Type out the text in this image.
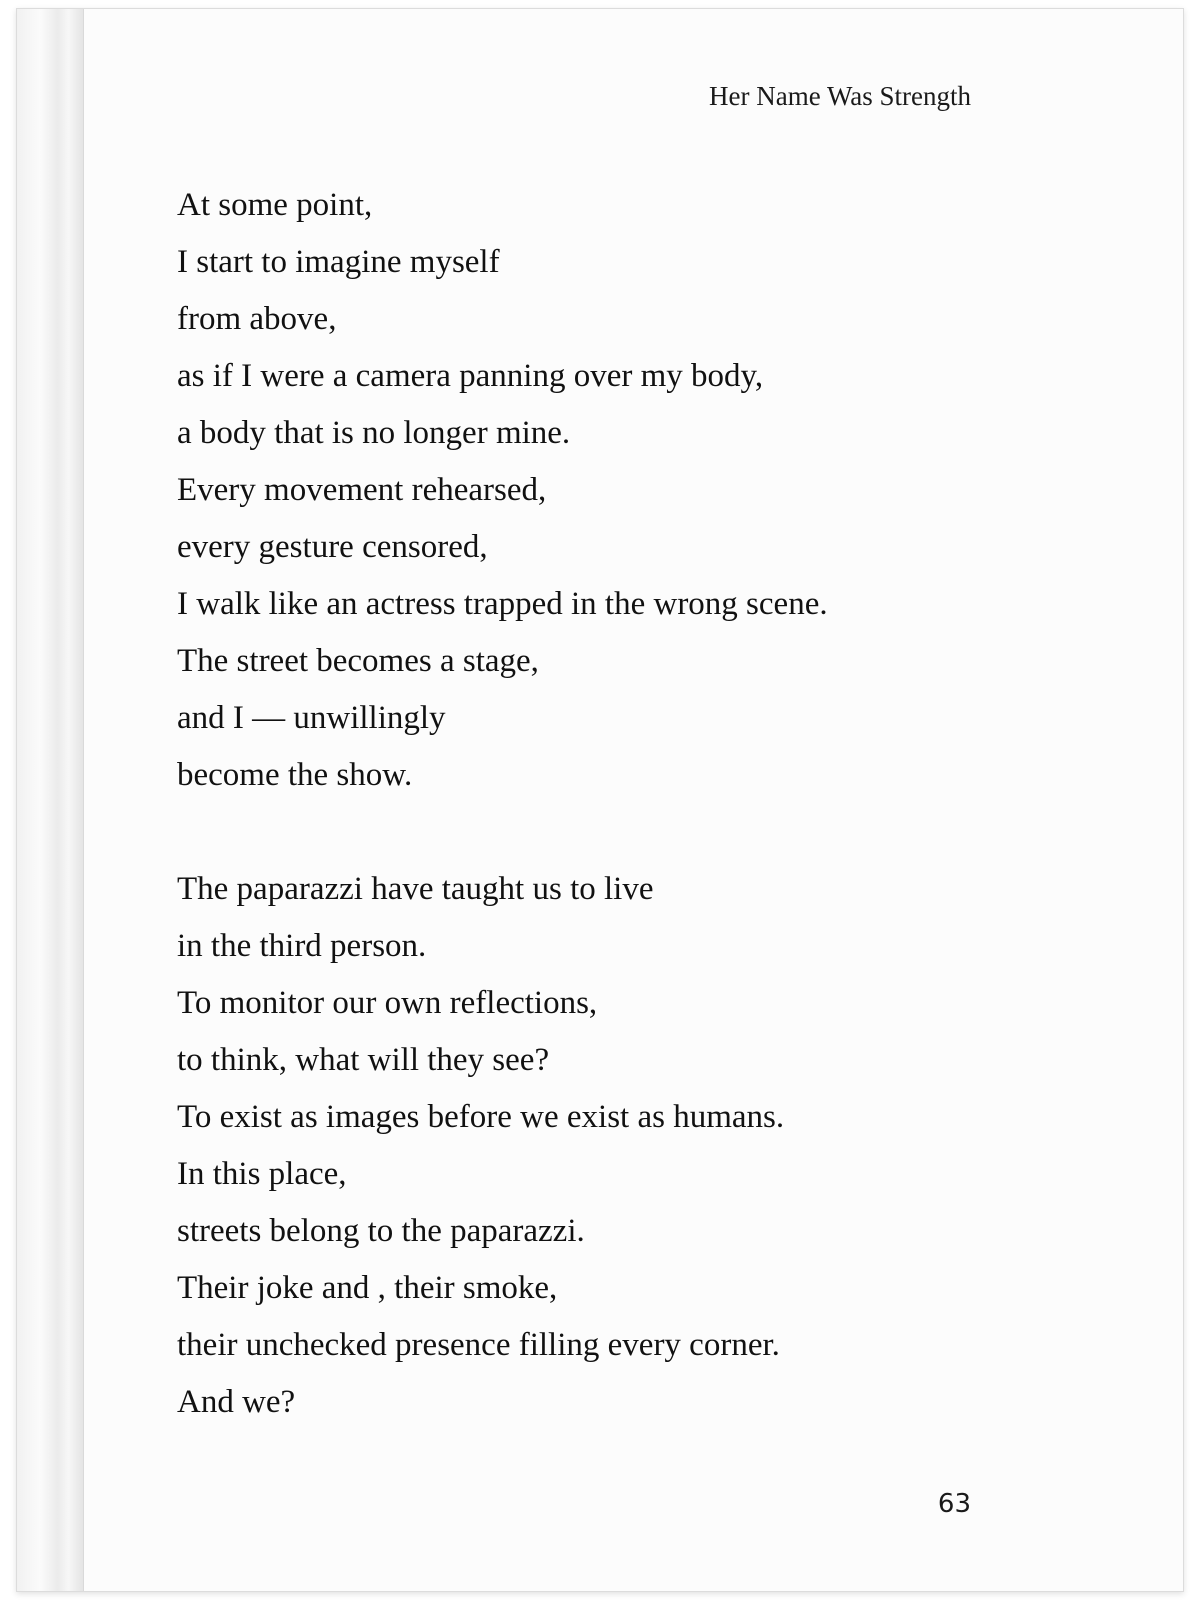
Her Name Was Strength
At some point,
I start to imagine myself
from above,
as if I were a camera panning over my body,
a body that is no longer mine.
Every movement rehearsed,
every gesture censored,
I walk like an actress trapped in the wrong scene.
The street becomes a stage,
and I — unwillingly
become the show.
The paparazzi have taught us to live
in the third person.
To monitor our own reflections,
to think, what will they see?
To exist as images before we exist as humans.
In this place,
streets belong to the paparazzi.
Their joke and , their smoke,
their unchecked presence filling every corner.
And we?
63
